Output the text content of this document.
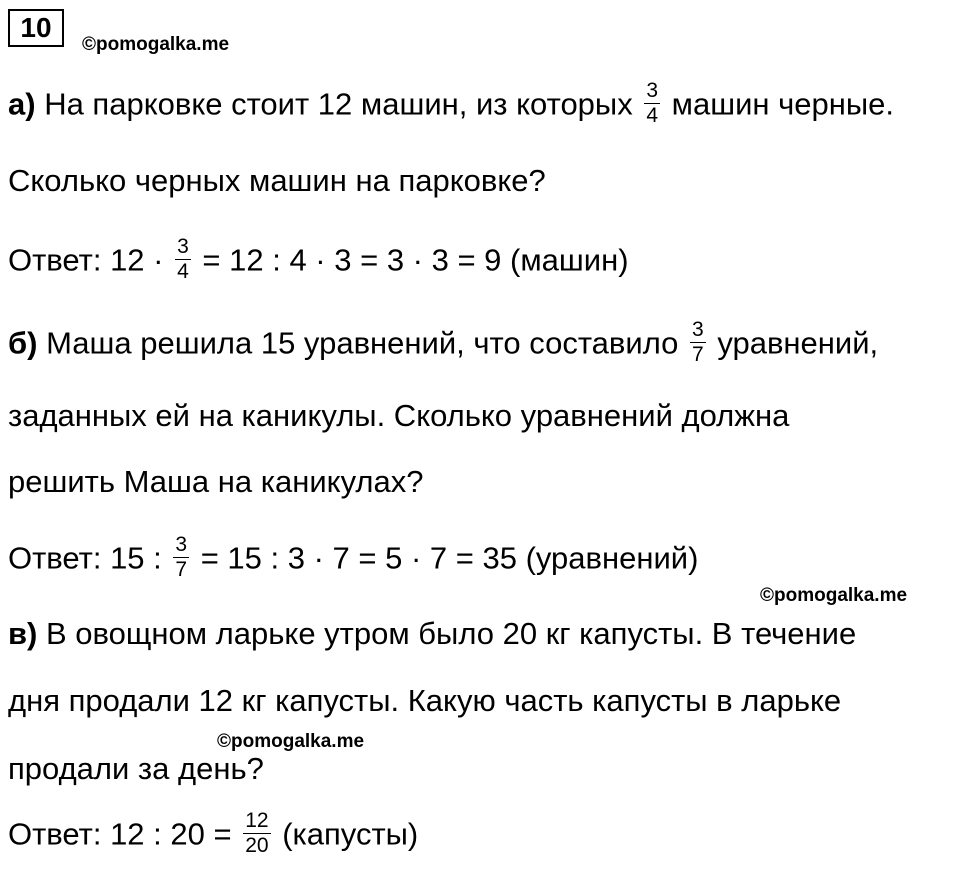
10
©pomogalka.me
а) На парковке стоит 12 машин, из которых $\frac{3}{4}$ машин черные.
Сколько черных машин на парковке?
Ответ: $12 \cdot \frac{3}{4} = 12$ : 4 · 3 = 3 · 3 = 9 (машин)
б) Маша решила 15 уравнений, что составило $\frac{3}{7}$ уравнений,
заданных ей на каникулы. Сколько уравнений должна
решить Маша на каникулах?
Ответ: 15 : $\frac{3}{7} = 15$ : 3 · 7 = 5 · 7 = 35 (уравнений)
©pomogalka.me
в) В овощном ларьке утром было 20 кг капусты. В течение
дня продали 12 кг капусты. Какую часть капусты в ларьке
©pomogalka.me
продали за день?
Ответ: 12 : $20 = \frac{12}{20}$ (капусты)
